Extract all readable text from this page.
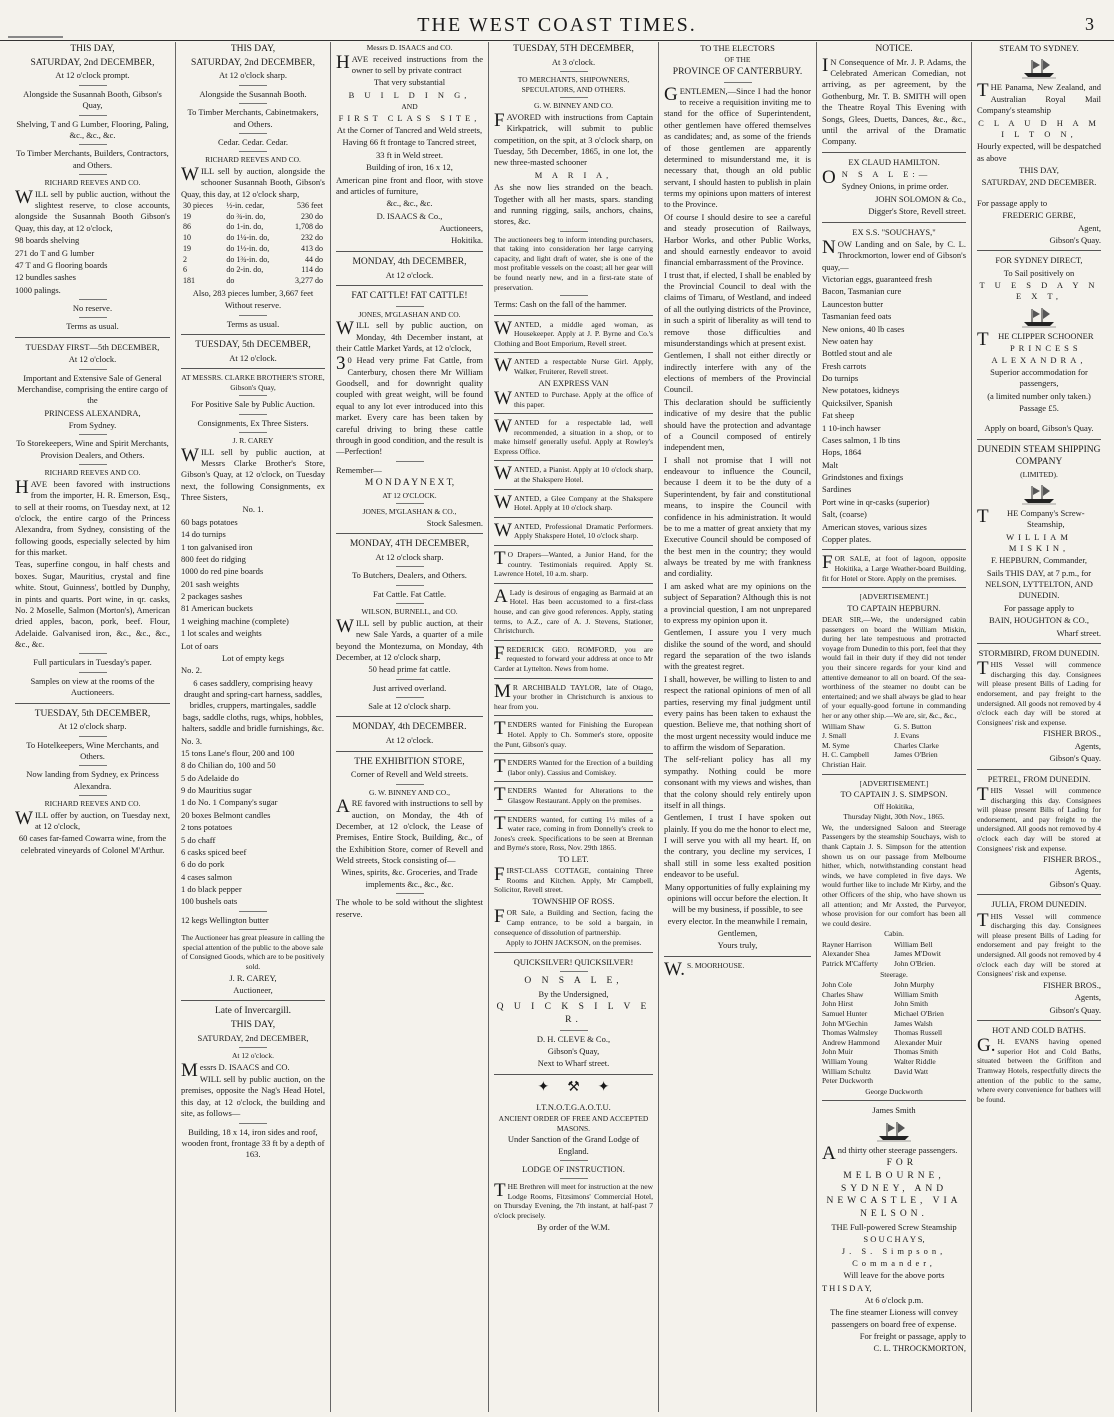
THE WEST COAST TIMES.	3
THIS DAY,
SATURDAY, 2nd DECEMBER,
At 12 o'clock prompt.
Alongside the Susannah Booth, Gibson's Quay,
Shelving, T and G Lumber, Flooring, Paling, &c., &c., &c.
To Timber Merchants, Builders, Contractors, and Others.
RICHARD REEVES AND CO.
WILL sell by public auction, without the slightest reserve, to close accounts, alongside the Susannah Booth Gibson's Quay, this day, at 12 o'clock,
98 boards shelving
271 do T and G lumber
47 T and G flooring boards
12 bundles sashes
1000 palings.
No reserve.
Terms as usual.
TUESDAY FIRST—5th DECEMBER,
At 12 o'clock.
Important and Extensive Sale of General Merchandise, comprising the entire cargo of the
PRINCESS ALEXANDRA,
From Sydney.
To Storekeepers, Wine and Spirit Merchants, Provision Dealers, and Others.
RICHARD REEVES AND CO.
HAVE been favored with instructions from the importer, H. R. Emerson, Esq., to sell at their rooms, on Tuesday next, at 12 o'clock, the entire cargo of the Princess Alexandra, from Sydney, consisting of the following goods, especially selected by him for this market.
Teas, superfine congou, in half chests and boxes. Sugar, Mauritius, crystal and fine white. Stout, Guinness', bottled by Dunphy, in pints and quarts. Port wine, in qr. casks, No. 2 Moselle, Salmon (Morton's), American dried apples, bacon, pork, beef. Flour, Adelaide. Galvanised iron, &c., &c., &c., &c., &c.
Full particulars in Tuesday's paper.
Samples on view at the rooms of the Auctioneers.
TUESDAY, 5th DECEMBER,
At 12 o'clock sharp.
To Hotelkeepers, Wine Merchants, and Others.
Now landing from Sydney, ex Princess Alexandra.
RICHARD REEVES AND CO.
WILL offer by auction, on Tuesday next, at 12 o'clock,
60 cases far-famed Cowarra wine, from the celebrated vineyards of Colonel M'Arthur.
THIS DAY,
SATURDAY, 2nd DECEMBER,
At 12 o'clock sharp.
Alongside the Susannah Booth.
To Timber Merchants, Cabinetmakers, and Others.
Cedar. Cedar. Cedar.
RICHARD REEVES AND CO.
WILL sell by auction, alongside the schooner Susannah Booth, Gibson's Quay, this day, at 12 o'clock sharp,
30 pieces	½-in. cedar,	536 feet
19	do ¾-in. do,	230 do
86	do 1-in. do,	1,708 do
10	do 1¼-in. do,	232 do
19	do 1½-in. do,	413 do
2	do 1¾-in. do,	44 do
6	do 2-in. do,	114 do
181	do	3,277 do
Also, 283 pieces lumber, 3,667 feet
Without reserve.
Terms as usual.
TUESDAY, 5th DECEMBER,
At 12 o'clock.
AT MESSRS. CLARKE BROTHER'S STORE, Gibson's Quay,
For Positive Sale by Public Auction.
Consignments, Ex Three Sisters.
J. R. CAREY
WILL sell by public auction, at Messrs Clarke Brother's Store, Gibson's Quay, at 12 o'clock, on Tuesday next, the following Consignments, ex Three Sisters,
No. 1.
60 bags potatoes
14 do turnips
1 ton galvanised iron
800 feet do ridging
1000 do red pine boards
201 sash weights
2 packages sashes
81 American buckets
1 weighing machine (complete)
1 lot scales and weights
Lot of oars
Lot of empty kegs
No. 2.
6 cases saddlery, comprising heavy draught and spring-cart harness, saddles, bridles, cruppers, martingales, saddle bags, saddle cloths, rugs, whips, hobbles, halters, saddle and bridle furnishings, &c.
No. 3.
15 tons Lane's flour, 200 and 100
8 do Chilian do, 100 and 50
5 do Adelaide do
9 do Mauritius sugar
1 do No. 1 Company's sugar
20 boxes Belmont candles
2 tons potatoes
5 do chaff
6 casks spiced beef
6 do do pork
4 cases salmon
1 do black pepper
100 bushels oats
12 kegs Wellington butter
The Auctioneer has great pleasure in calling the special attention of the public to the above sale of Consigned Goods, which are to be positively sold.
J. R. CAREY,
Auctioneer,
Late of Invercargill.
THIS DAY,
SATURDAY, 2nd DECEMBER,
At 12 o'clock.
Messrs D. ISAACS and CO.
WILL sell by public auction, on the premises, opposite the Nag's Head Hotel, this day, at 12 o'clock, the building and site, as follows—
Building, 18 x 14, iron sides and roof, wooden front, frontage 33 ft by a depth of 163.
Messrs D. ISAACS and CO.
HAVE received instructions from the owner to sell by private contract
That very substantial
B U I L D I N G,
AND
FIRST CLASS SITE,
At the Corner of Tancred and Weld streets,
Having 66 ft frontage to Tancred street,
33 ft in Weld street.
Building of iron, 16 x 12,
American pine front and floor, with stove and articles of furniture,
&c., &c., &c.
D. ISAACS & Co.,
Auctioneers,
Hokitika.
MONDAY, 4th DECEMBER,
At 12 o'clock.
FAT CATTLE! FAT CATTLE!
JONES, M'GLASHAN AND CO.
WILL sell by public auction, on Monday, 4th December instant, at their Cattle Market Yards, at 12 o'clock,
30 Head very prime Fat Cattle, from Canterbury, chosen there Mr William Goodsell, and for downright quality coupled with great weight, will be found equal to any lot ever introduced into this market. Every care has been taken by careful driving to bring these cattle through in good condition, and the result is—Perfection!
Remember—
M O N D A Y N E X T,
AT 12 O'CLOCK.
JONES, M'GLASHAN & CO.,
Stock Salesmen.
MONDAY, 4TH DECEMBER,
At 12 o'clock sharp.
To Butchers, Dealers, and Others.
Fat Cattle. Fat Cattle.
WILSON, BURNELL, and CO.
WILL sell by public auction, at their new Sale Yards, a quarter of a mile beyond the Montezuma, on Monday, 4th December, at 12 o'clock sharp,
50 head prime fat cattle.
Just arrived overland.
Sale at 12 o'clock sharp.
MONDAY, 4th DECEMBER.
At 12 o'clock.
THE EXHIBITION STORE,
Corner of Revell and Weld streets.
G. W. BINNEY AND CO.,
ARE favored with instructions to sell by auction, on Monday, the 4th of December, at 12 o'clock, the Lease of Premises, Entire Stock, Building, &c., of the Exhibition Store, corner of Revell and Weld streets, Stock consisting of—
Wines, spirits, &c. Groceries, and Trade implements &c., &c., &c.
The whole to be sold without the slightest reserve.
TUESDAY, 5TH DECEMBER,
At 3 o'clock.
TO MERCHANTS, SHIPOWNERS, SPECULATORS, AND OTHERS.
G. W. BINNEY AND CO.
FAVORED with instructions from Captain Kirkpatrick, will submit to public competition, on the spit, at 3 o'clock sharp, on Tuesday, 5th December, 1865, in one lot, the new three-masted schooner
M A R I A,
As she now lies stranded on the beach. Together with all her masts, spars. standing and running rigging, sails, anchors, chains, stores, &c.
The auctioneers beg to inform intending purchasers, that taking into consideration her large carrying capacity, and light draft of water, she is one of the most profitable vessels on the coast; all her gear will be found nearly new, and in a first-rate state of preservation.
Terms: Cash on the fall of the hammer.
WANTED, a middle aged woman, as Housekeeper. Apply at J. P. Byrne and Co.'s Clothing and Boot Emporium, Revell street.
WANTED a respectable Nurse Girl. Apply, Walker, Fruiterer, Revell street.
AN EXPRESS VAN
WANTED to Purchase. Apply at the office of this paper.
WANTED for a respectable lad, well recommended, a situation in a shop, or to make himself generally useful. Apply at Rowley's Express Office.
WANTED, a Pianist. Apply at 10 o'clock sharp, at the Shakspere Hotel.
WANTED, a Glee Company at the Shakspere Hotel. Apply at 10 o'clock sharp.
WANTED, Professional Dramatic Performers. Apply Shakspere Hotel, 10 o'clock sharp.
TO Drapers—Wanted, a Junior Hand, for the country. Testimonials required. Apply St. Lawrence Hotel, 10 a.m. sharp.
ALady is desirous of engaging as Barmaid at an Hotel. Has been accustomed to a first-class house, and can give good references. Apply, stating terms, to A.Z., care of A. J. Stevens, Stationer, Christchurch.
FREDERICK GEO. ROMFORD, you are requested to forward your address at once to Mr Carder at Lyttelton. News from home.
MR ARCHIBALD TAYLOR, late of Otago, your brother in Christchurch is anxious to hear from you.
TENDERS wanted for Finishing the European Hotel. Apply to Ch. Sommer's store, opposite the Punt, Gibson's quay.
TENDERS Wanted for the Erection of a building (labor only). Cassius and Comiskey.
TENDERS Wanted for Alterations to the Glasgow Restaurant. Apply on the premises.
TENDERS wanted, for cutting 1½ miles of a water race, coming in from Donnelly's creek to Jones's creek. Specifications to be seen at Brennan and Byrne's store, Ross, Nov. 29th 1865.
TO LET.
FIRST-CLASS COTTAGE, containing Three Rooms and Kitchen. Apply, Mr Campbell, Solicitor, Revell street.
TOWNSHIP OF ROSS.
FOR Sale, a Building and Section, facing the Camp entrance, to be sold a bargain, in consequence of dissolution of partnership.
Apply to JOHN JACKSON, on the premises.
QUICKSILVER! QUICKSILVER!
O N S A L E,
By the Undersigned,
Q U I C K S I L V E R.
D. H. CLEVE & Co.,
Gibson's Quay,
Next to Wharf street.
✦ ⚒ ✦
I.T.N.O.T.G.A.O.T.U.
ANCIENT ORDER OF FREE AND ACCEPTED MASONS.
Under Sanction of the Grand Lodge of England.
LODGE OF INSTRUCTION.
THE Brethren will meet for instruction at the new Lodge Rooms, Fitzsimons' Commercial Hotel, on Thursday Evening, the 7th instant, at half-past 7 o'clock precisely.
By order of the W.M.
TO THE ELECTORS
OF THE
PROVINCE OF CANTERBURY.
GENTLEMEN,—Since I had the honor to receive a requisition inviting me to stand for the office of Superintendent, other gentlemen have offered themselves as candidates; and, as some of the friends of those gentlemen are apparently determined to misunderstand me, it is necessary that, though an old public servant, I should hasten to publish in plain terms my opinions upon matters of interest to the Province.
Of course I should desire to see a careful and steady prosecution of Railways, Harbor Works, and other Public Works, and should earnestly endeavor to avoid financial embarrassment of the Province.
I trust that, if elected, I shall be enabled by the Provincial Council to deal with the claims of Timaru, of Westland, and indeed of all the outlying districts of the Province, in such a spirit of liberality as will tend to remove those difficulties and misunderstandings which at present exist.
Gentlemen, I shall not either directly or indirectly interfere with any of the elections of members of the Provincial Council.
This declaration should be sufficiently indicative of my desire that the public should have the protection and advantage of a Council composed of entirely independent men,
I shall not promise that I will not endeavour to influence the Council, because I deem it to be the duty of a Superintendent, by fair and constitutional means, to inspire the Council with confidence in his administration. It would be to me a matter of great anxiety that my Executive Council should be composed of the best men in the country; they would always be treated by me with frankness and cordiality.
I am asked what are my opinions on the subject of Separation? Although this is not a provincial question, I am not unprepared to express my opinion upon it.
Gentlemen, I assure you I very much dislike the sound of the word, and should regard the separation of the two islands with the greatest regret.
I shall, however, be willing to listen to and respect the rational opinions of men of all parties, reserving my final judgment until every pains has been taken to exhaust the question. Believe me, that nothing short of the most urgent necessity would induce me to affirm the wisdom of Separation.
The self-reliant policy has all my sympathy. Nothing could be more consonant with my views and wishes, than that the colony should rely entirely upon itself in all things.
Gentlemen, I trust I have spoken out plainly. If you do me the honor to elect me, I will serve you with all my heart. If, on the contrary, you decline my services, I shall still in some less exalted position endeavor to be useful.
Many opportunities of fully explaining my opinions will occur before the election. It will be my business, if possible, to see every elector. In the meanwhile I remain,
Gentlemen,
Yours truly,
W.S. MOORHOUSE.
NOTICE.
IN Consequence of Mr. J. P. Adams, the Celebrated American Comedian, not arriving, as per agreement, by the Gothenburg, Mr. T. B. SMITH will open the Theatre Royal This Evening with Songs, Glees, Duetts, Dances, &c., &c., until the arrival of the Dramatic Company.
EX CLAUD HAMILTON.
ON S A L E:—
Sydney Onions, in prime order.
JOHN SOLOMON & Co.,
Digger's Store, Revell street.
EX S.S. "SOUCHAYS,"
NOW Landing and on Sale, by C. L. Throckmorton, lower end of Gibson's quay,—
Victorian eggs, guaranteed fresh
Bacon, Tasmanian cure
Launceston butter
Tasmanian feed oats
New onions, 40 lb cases
New oaten hay
Bottled stout and ale
Fresh carrots
Do turnips
New potatoes, kidneys
Quicksilver, Spanish
Fat sheep
1 10-inch hawser
Cases salmon, 1 lb tins
Hops, 1864
Malt
Grindstones and fixings
Sardines
Port wine in qr-casks (superior)
Salt, (coarse)
American stoves, various sizes
Copper plates.
FOR SALE, at foot of lagoon, opposite Hokitika, a Large Weather-board Building, fit for Hotel or Store. Apply on the premises.
[ADVERTISEMENT.]
TO CAPTAIN HEPBURN.
DEAR SIR,—We, the undersigned cabin passengers on board the William Miskin, during her late tempestuous and protracted voyage from Dunedin to this port, feel that they would fail in their duty if they did not tender you their sincere regards for your kind and attentive demeanor to all on board. Of the sea-worthiness of the steamer no doubt can be entertained; and we shall always be glad to hear of your equally-good fortune in commanding her or any other ship.—We are, sir, &c., &c.,
William Shaw	G. S. Button
J. Small	J. Evans
M. Syme	Charles Clarke
H. C. Campbell	James O'Brien
Christian Hair.
[ADVERTISEMENT.]
TO CAPTAIN J. S. SIMPSON.
Off Hokitika,
Thursday Night, 30th Nov., 1865.
We, the undersigned Saloon and Steerage Passengers by the steamship Souchays, wish to thank Captain J. S. Simpson for the attention shown us on our passage from Melbourne hither, which, notwithstanding constant head winds, we have completed in five days. We would further like to include Mr Kirby, and the other Officers of the ship, who have shown us all attention; and Mr Axsted, the Purveyor, whose provision for our comfort has been all we could desire.
Cabin.
Rayner Harrison	William Bell
Alexander Shea	James M'Dowit
Patrick M'Cafferty	John O'Brien.
Steerage.
John Cole	John Murphy
Charles Shaw	William Smith
John Hirst	John Smith
Samuel Hunter	Michael O'Brien
John M'Gechin	James Walsh
Thomas Walmsley	Thomas Russell
Andrew Hammond	Alexander Muir
John Muir	Thomas Smith
William Young	Walter Riddle
William Schultz	David Watt
Peter Duckworth
George Duckworth
James Smith
And thirty other steerage passengers.
FOR MELBOURNE, SYDNEY, AND NEWCASTLE, VIA NELSON.
THE Full-powered Screw Steamship
S O U C H A Y S,
J. S. Simpson, Commander,
Will leave for the above ports
T H I S D A Y,
At 6 o'clock p.m.
The fine steamer Lioness will convey passengers on board free of expense.
For freight or passage, apply to
C. L. THROCKMORTON,
STEAM TO SYDNEY.
THE Panama, New Zealand, and Australian Royal Mail Company's steamship
C L A U D H A M I L T O N,
Hourly expected, will be despatched as above
THIS DAY,
SATURDAY, 2ND DECEMBER.
For passage apply to
FREDERIC GERBE,
Agent,
Gibson's Quay.
FOR SYDNEY DIRECT,
To Sail positively on
T U E S D A Y N E X T,
THE CLIPPER SCHOONER
PRINCESS ALEXANDRA,
Superior accommodation for passengers,
(a limited number only taken.)
Passage £5.
Apply on board, Gibson's Quay.
DUNEDIN STEAM SHIPPING COMPANY
(LIMITED).
THE Company's Screw-Steamship,
WILLIAM MISKIN,
F. HEPBURN, Commander,
Sails THIS DAY, at 7 p.m., for NELSON, LYTTELTON, AND DUNEDIN.
For passage apply to
BAIN, HOUGHTON & CO.,
Wharf street.
STORMBIRD, FROM DUNEDIN.
THIS Vessel will commence discharging this day. Consignees will please present Bills of Lading for endorsement, and pay freight to the undersigned. All goods not removed by 4 o'clock each day will be stored at Consignees' risk and expense.
FISHER BROS.,
Agents,
Gibson's Quay.
PETREL, FROM DUNEDIN.
THIS Vessel will commence discharging this day. Consignees will please present Bills of Lading for endorsement, and pay freight to the undersigned. All goods not removed by 4 o'clock each day will be stored at Consignees' risk and expense.
FISHER BROS.,
Agents,
Gibson's Quay.
JULIA, FROM DUNEDIN.
THIS Vessel will commence discharging this day. Consignees will please present Bills of Lading for endorsement and pay freight to the undersigned. All goods not removed by 4 o'clock each day will be stored at Consignees' risk and expense.
FISHER BROS.,
Agents,
Gibson's Quay.
HOT AND COLD BATHS.
G.H. EVANS having opened superior Hot and Cold Baths, situated between the Griffiton and Tramway Hotels, respectfully directs the attention of the public to the same, where every convenience for bathers will be found.
